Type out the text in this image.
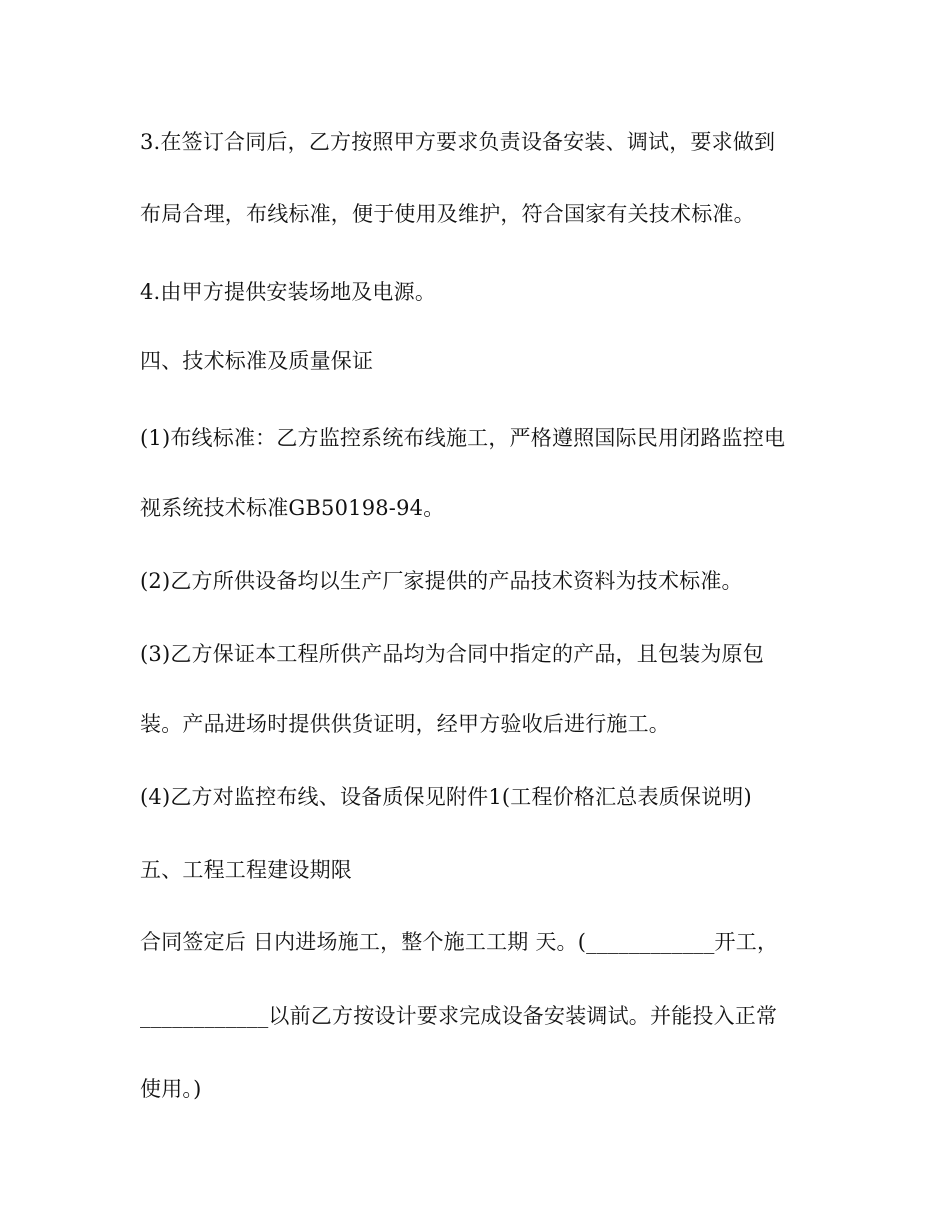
3.在签订合同后，乙方按照甲方要求负责设备安装、调试，要求做到
布局合理，布线标准，便于使用及维护，符合国家有关技术标准。
4.由甲方提供安装场地及电源。
四、技术标准及质量保证
(1)布线标准：乙方监控系统布线施工，严格遵照国际民用闭路监控电
视系统技术标准GB50198-94。
(2)乙方所供设备均以生产厂家提供的产品技术资料为技术标准。
(3)乙方保证本工程所供产品均为合同中指定的产品，且包装为原包
装。产品进场时提供供货证明，经甲方验收后进行施工。
(4)乙方对监控布线、设备质保见附件1(工程价格汇总表质保说明)
五、工程工程建设期限
合同签定后 日内进场施工，整个施工工期 天。(____________开工，
____________以前乙方按设计要求完成设备安装调试。并能投入正常
使用。)
